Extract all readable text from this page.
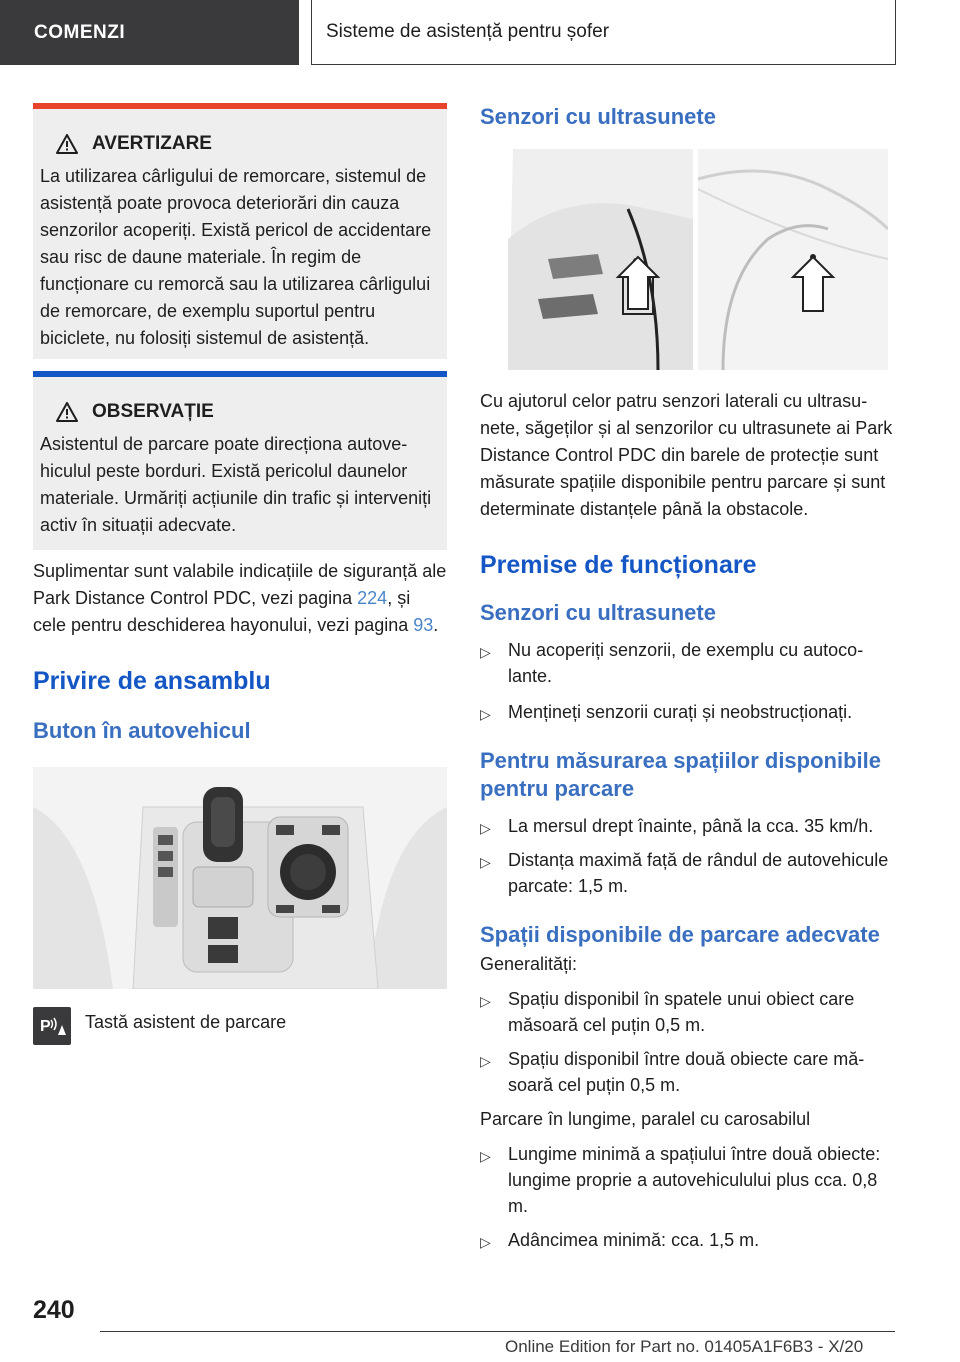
COMENZI	Sisteme de asistență pentru șofer
AVERTIZARE
La utilizarea cârligului de remorcare, sistemul de asistență poate provoca deteriorări din cauza senzorilor acoperiți. Există pericol de accidentare sau risc de daune materiale. În regim de funcționare cu remorcă sau la utilizarea cârligului de remorcare, de exemplu suportul pentru biciclete, nu folosiți sistemul de asistență.
OBSERVAȚIE
Asistentul de parcare poate direcționa autovehiculul peste borduri. Există pericolul daunelor materiale. Urmăriți acțiunile din trafic și interveniți activ în situații adecvate.

Suplimentar sunt valabile indicațiile de siguranță ale Park Distance Control PDC, vezi pagina 224, și cele pentru deschiderea hayonului, vezi pagina 93.

Privire de ansamblu
Buton în autovehicul
P Tastă asistent de parcare
Senzori cu ultrasunete

Cu ajutorul celor patru senzori laterali cu ultrasunete, săgeților și al senzorilor cu ultrasunete ai Park Distance Control PDC din barele de protecție sunt măsurate spațiile disponibile pentru parcare și sunt determinate distanțele până la obstacole.

Premise de funcționare
Senzori cu ultrasunete
▷ Nu acoperiți senzorii, de exemplu cu autocolante.
▷ Mențineți senzorii curați și neobstrucționați.
Pentru măsurarea spațiilor disponibile pentru parcare
▷ La mersul drept înainte, până la cca. 35 km/h.
▷ Distanța maximă față de rândul de autovehicule parcate: 1,5 m.
Spații disponibile de parcare adecvate

Generalități:

▷ Spațiu disponibil în spatele unui obiect care măsoară cel puțin 0,5 m.
▷ Spațiu disponibil între două obiecte care măsoară cel puțin 0,5 m.

Parcare în lungime, paralel cu carosabilul

▷ Lungime minimă a spațiului între două obiecte: lungime proprie a autovehiculului plus cca. 0,8 m.
▷ Adâncimea minimă: cca. 1,5 m.
240
Online Edition for Part no. 01405A1F6B3 - X/20
